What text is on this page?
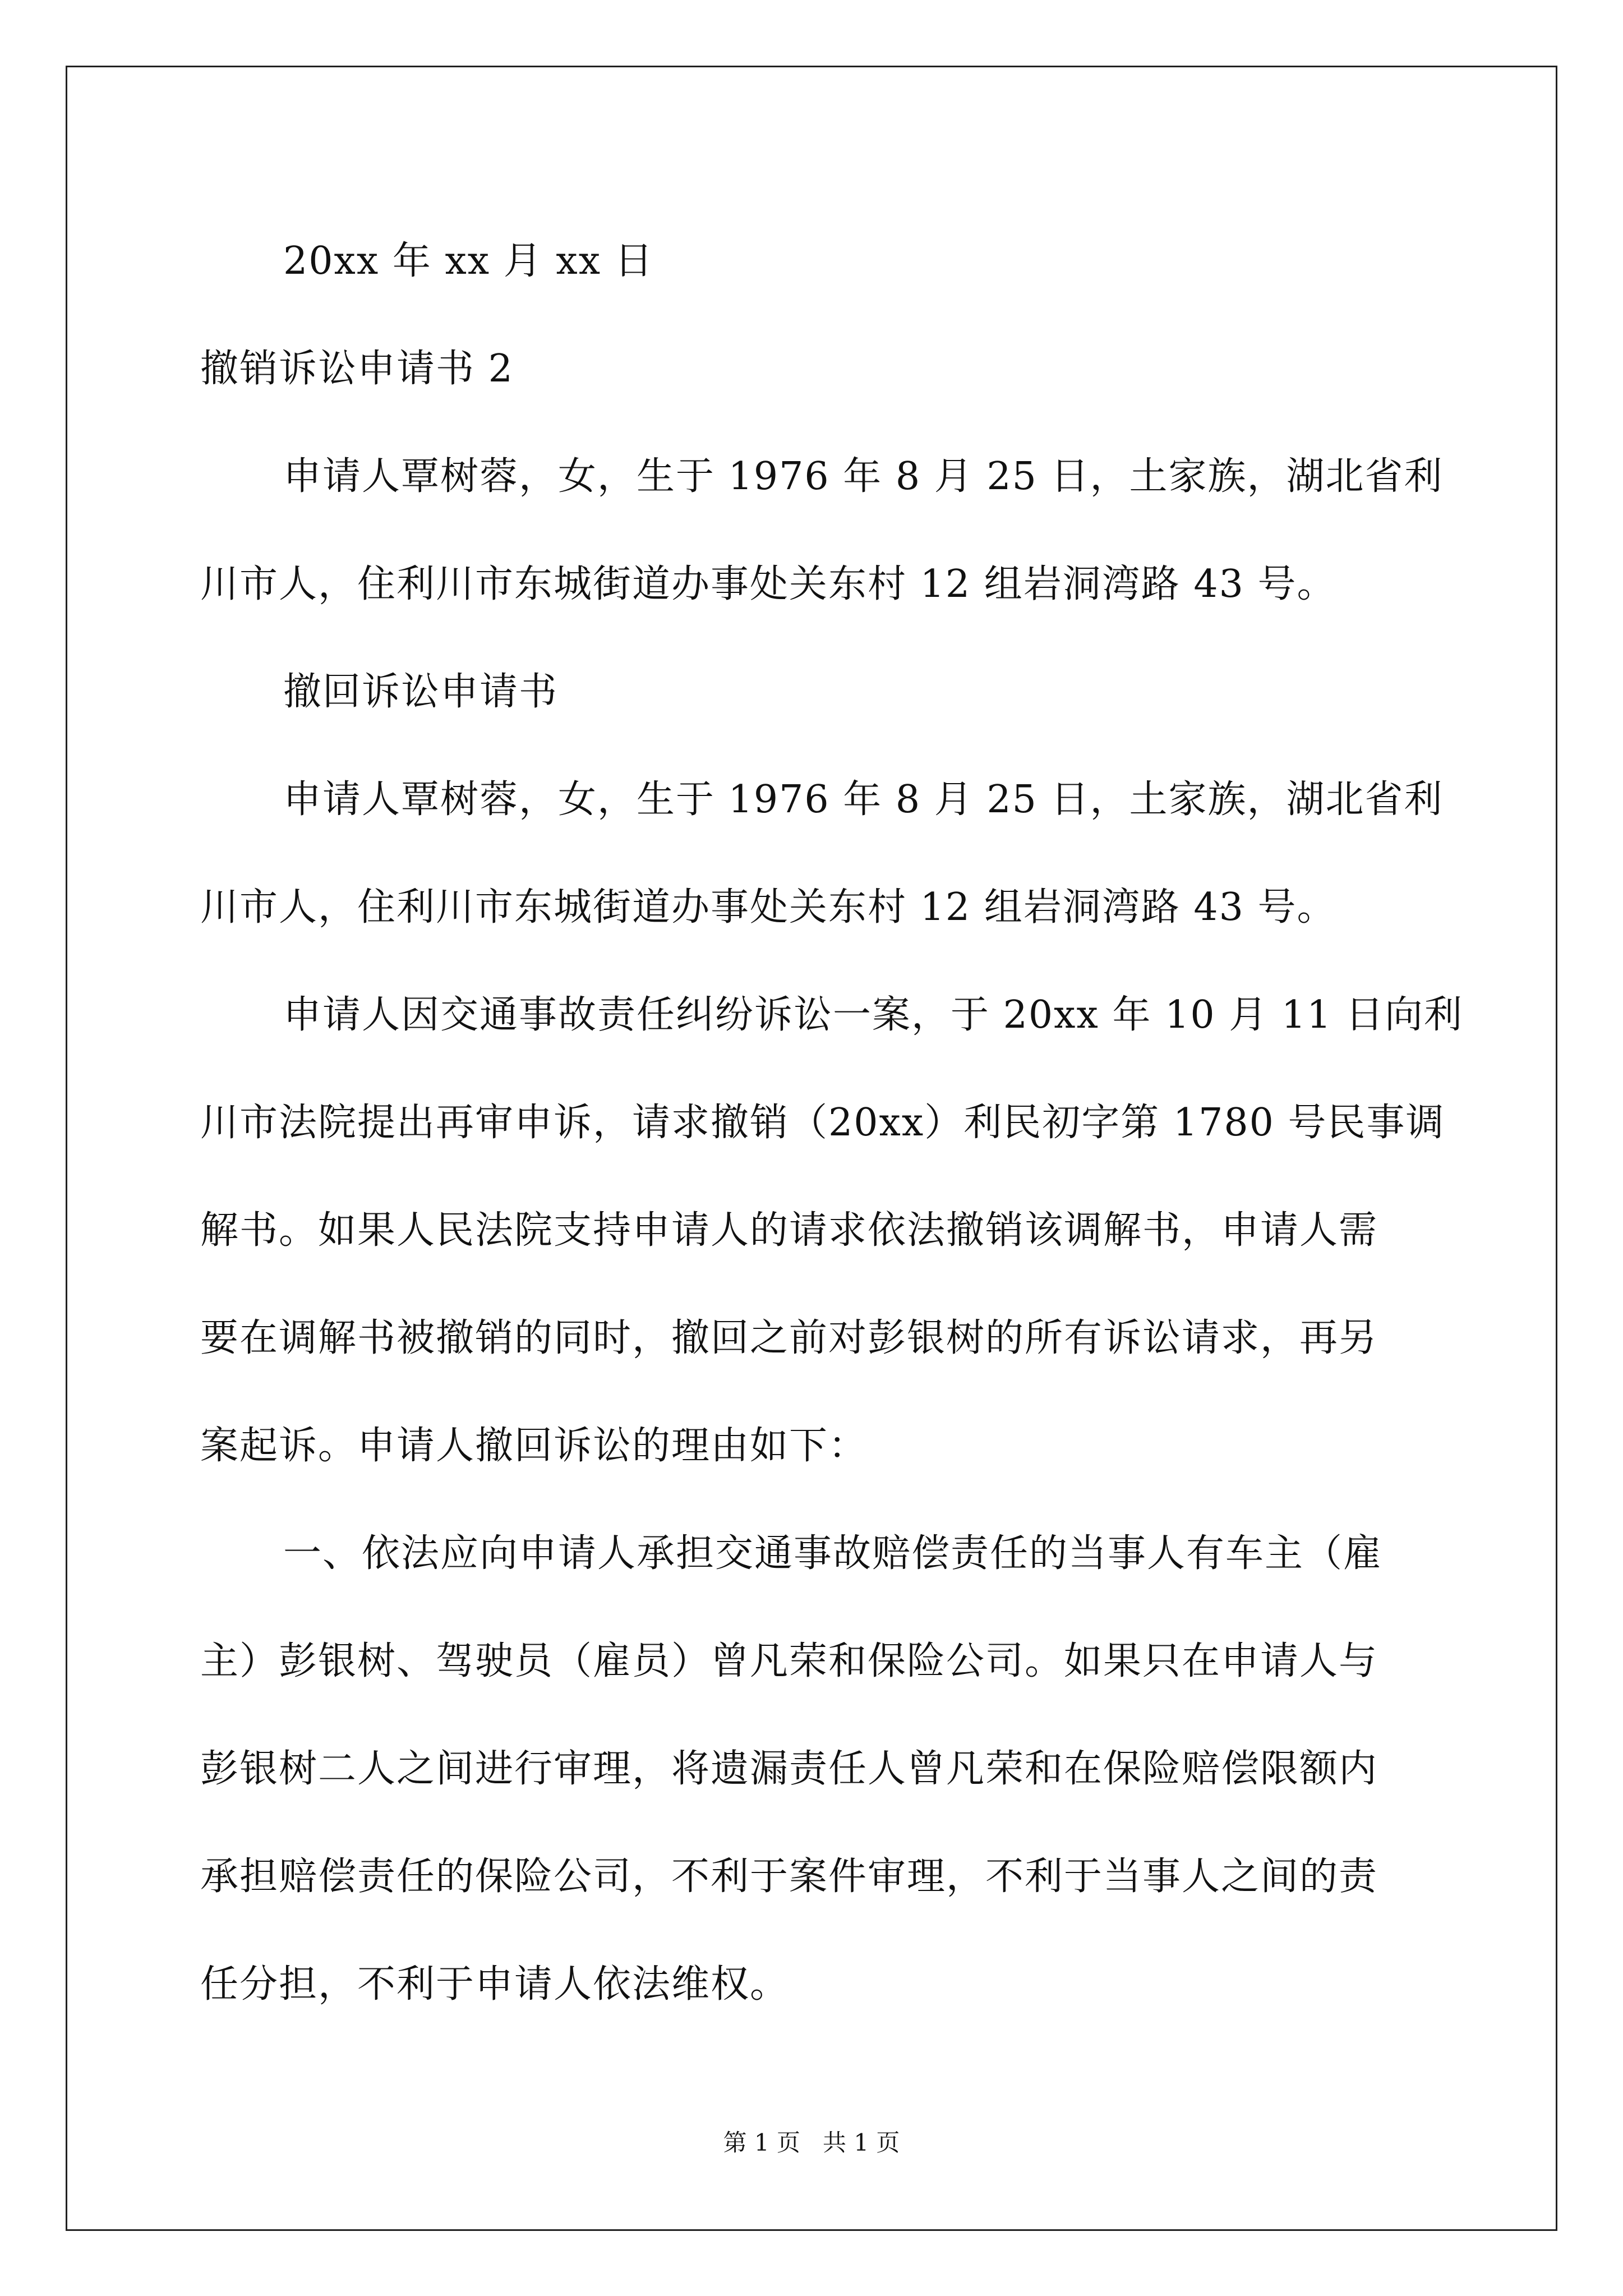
20xx 年 xx 月 xx 日
撤销诉讼申请书 2
申请人覃树蓉，女，生于 1976 年 8 月 25 日，土家族，湖北省利
川市人，住利川市东城街道办事处关东村 12 组岩洞湾路 43 号。
撤回诉讼申请书
申请人覃树蓉，女，生于 1976 年 8 月 25 日，土家族，湖北省利
川市人，住利川市东城街道办事处关东村 12 组岩洞湾路 43 号。
申请人因交通事故责任纠纷诉讼一案，于 20xx 年 10 月 11 日向利
川市法院提出再审申诉，请求撤销（20xx）利民初字第 1780 号民事调
解书。如果人民法院支持申请人的请求依法撤销该调解书，申请人需
要在调解书被撤销的同时，撤回之前对彭银树的所有诉讼请求，再另
案起诉。申请人撤回诉讼的理由如下：
一、依法应向申请人承担交通事故赔偿责任的当事人有车主（雇
主）彭银树、驾驶员（雇员）曾凡荣和保险公司。如果只在申请人与
彭银树二人之间进行审理，将遗漏责任人曾凡荣和在保险赔偿限额内
承担赔偿责任的保险公司，不利于案件审理，不利于当事人之间的责
任分担，不利于申请人依法维权。
第 1 页 共 1 页
